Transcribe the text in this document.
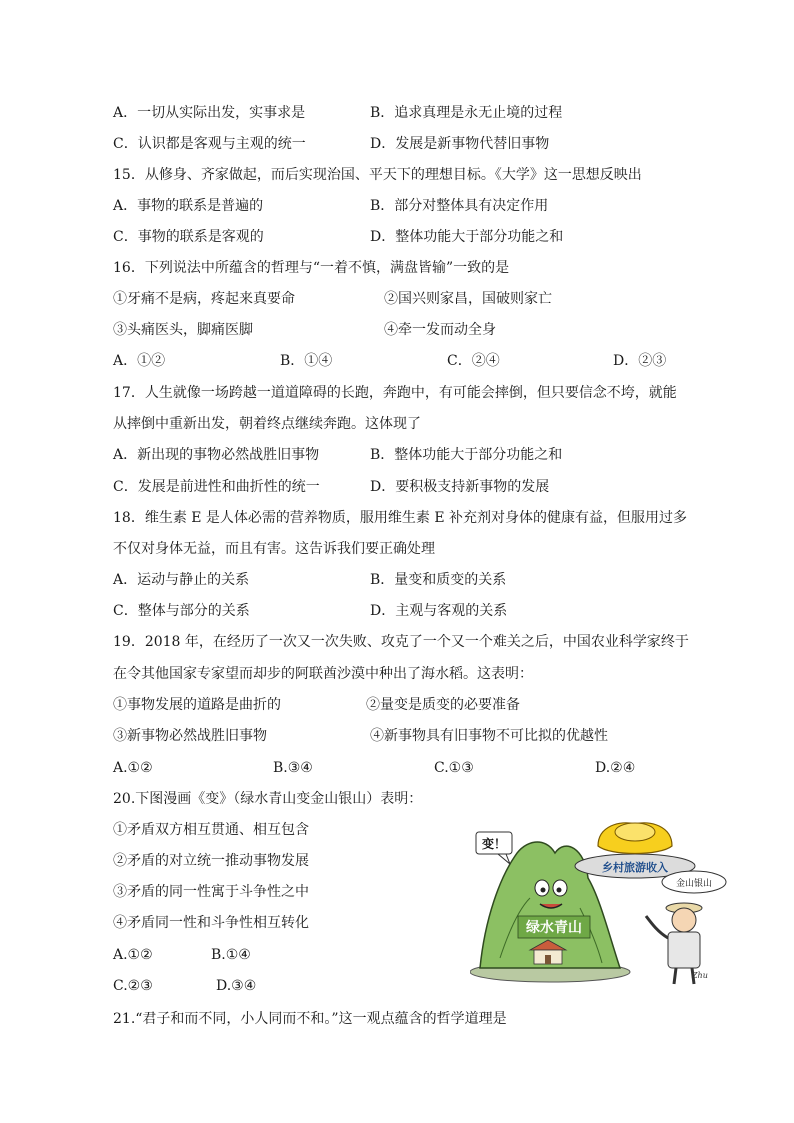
A．一切从实际出发，实事求是	B．追求真理是永无止境的过程
C．认识都是客观与主观的统一	D．发展是新事物代替旧事物
15．从修身、齐家做起，而后实现治国、平天下的理想目标。《大学》这一思想反映出
A．事物的联系是普遍的	B．部分对整体具有决定作用
C．事物的联系是客观的	D．整体功能大于部分功能之和
16．下列说法中所蕴含的哲理与“一着不慎，满盘皆输”一致的是
①牙痛不是病，疼起来真要命	②国兴则家昌，国破则家亡
③头痛医头，脚痛医脚	④牵一发而动全身
A．①②	B．①④	C．②④	D．②③
17．人生就像一场跨越一道道障碍的长跑，奔跑中，有可能会摔倒，但只要信念不垮，就能
从摔倒中重新出发，朝着终点继续奔跑。这体现了
A．新出现的事物必然战胜旧事物	B．整体功能大于部分功能之和
C．发展是前进性和曲折性的统一	D．要积极支持新事物的发展
18．维生素 E 是人体必需的营养物质，服用维生素 E 补充剂对身体的健康有益，但服用过多
不仅对身体无益，而且有害。这告诉我们要正确处理
A．运动与静止的关系	B．量变和质变的关系
C．整体与部分的关系	D．主观与客观的关系
19．2018 年，在经历了一次又一次失败、攻克了一个又一个难关之后，中国农业科学家终于
在令其他国家专家望而却步的阿联酋沙漠中种出了海水稻。这表明：
①事物发展的道路是曲折的	②量变是质变的必要准备
③新事物必然战胜旧事物	④新事物具有旧事物不可比拟的优越性
A.①②	B.③④	C.①③	D.②④
20.下图漫画《变》（绿水青山变金山银山）表明：
①矛盾双方相互贯通、相互包含
②矛盾的对立统一推动事物发展
③矛盾的同一性寓于斗争性之中
④矛盾同一性和斗争性相互转化
A.①②	B.①④
C.②③	D.③④
绿水青山
变！
乡村旅游收入
金山银山
Zhu
21.“君子和而不同，小人同而不和。”这一观点蕴含的哲学道理是
